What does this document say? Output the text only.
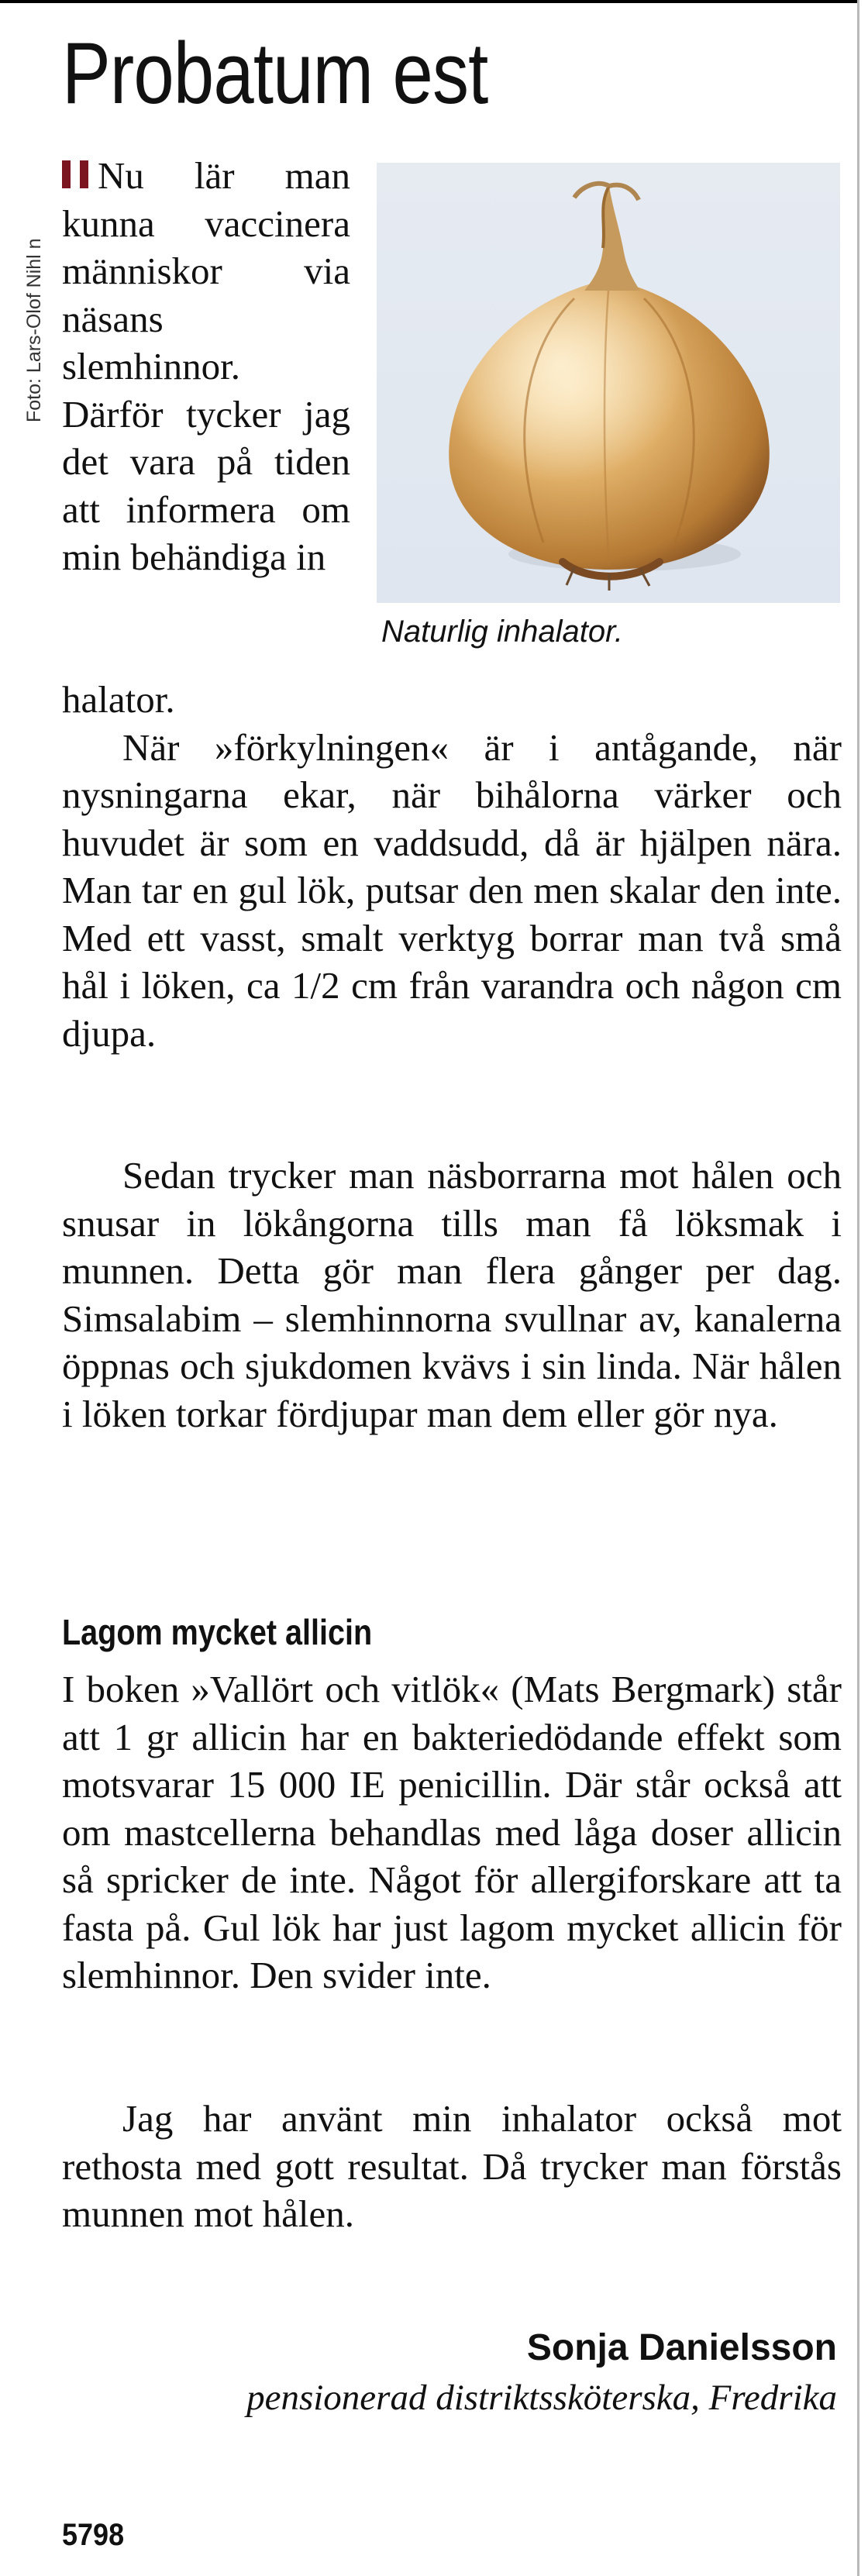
Probatum est
Foto: Lars-Olof Nihl n

Naturlig inhalator.

Nu lär man kunna vaccinera människor via näsans slemhinnor. Därför tycker jag det vara på tiden att informera om min behändiga in

halator.

När »förkylningen« är i antågande, när nysningarna ekar, när bihålorna värker och huvudet är som en vaddsudd, då är hjälpen nära. Man tar en gul lök, putsar den men skalar den inte. Med ett vasst, smalt verktyg borrar man två små hål i löken, ca 1/2 cm från varandra och någon cm djupa.

Sedan trycker man näsborrarna mot hålen och snusar in lökångorna tills man få löksmak i munnen. Detta gör man flera gånger per dag. Simsalabim – slemhinnorna svullnar av, kanalerna öppnas och sjukdomen kvävs i sin linda. När hålen i löken torkar fördjupar man dem eller gör nya.

Lagom mycket allicin

I boken »Vallört och vitlök« (Mats Bergmark) står att 1 gr allicin har en bakteriedödande effekt som motsvarar 15 000 IE penicillin. Där står också att om mastcellerna behandlas med låga doser allicin så spricker de inte. Något för allergiforskare att ta fasta på. Gul lök har just lagom mycket allicin för slemhinnor. Den svider inte.

Jag har använt min inhalator också mot rethosta med gott resultat. Då trycker man förstås munnen mot hålen.

Sonja Danielsson

pensionerad distriktssköterska, Fredrika

5798
